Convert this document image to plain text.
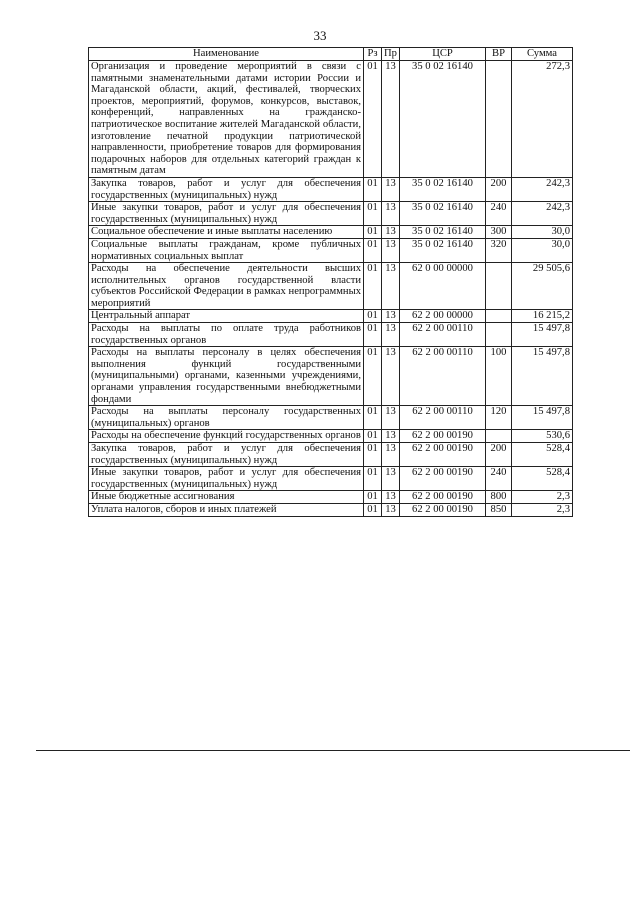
33
Наименование	Рз	Пр	ЦСР	ВР	Сумма
Организация и проведение мероприятий в связи с памятными знаменательными датами истории России и Магаданской области, акций, фестивалей, творческих проектов, мероприятий, форумов, конкурсов, выставок, конференций, направленных на гражданско-патриотическое воспитание жителей Магаданской области, изготовление печатной продукции патриотической направленности, приобретение товаров для формирования подарочных наборов для отдельных категорий граждан к памятным датам	01	13	35 0 02 16140		272,3
Закупка товаров, работ и услуг для обеспечения государственных (муниципальных) нужд	01	13	35 0 02 16140	200	242,3
Иные закупки товаров, работ и услуг для обеспечения государственных (муниципальных) нужд	01	13	35 0 02 16140	240	242,3
Социальное обеспечение и иные выплаты населению	01	13	35 0 02 16140	300	30,0
Социальные выплаты гражданам, кроме публичных нормативных социальных выплат	01	13	35 0 02 16140	320	30,0
Расходы на обеспечение деятельности высших исполнительных органов государственной власти субъектов Российской Федерации в рамках непрограммных мероприятий	01	13	62 0 00 00000		29 505,6
Центральный аппарат	01	13	62 2 00 00000		16 215,2
Расходы на выплаты по оплате труда работников государственных органов	01	13	62 2 00 00110		15 497,8
Расходы на выплаты персоналу в целях обеспечения выполнения функций государственными (муниципальными) органами, казенными учреждениями, органами управления государственными внебюджетными фондами	01	13	62 2 00 00110	100	15 497,8
Расходы на выплаты персоналу государственных (муниципальных) органов	01	13	62 2 00 00110	120	15 497,8
Расходы на обеспечение функций государственных органов	01	13	62 2 00 00190		530,6
Закупка товаров, работ и услуг для обеспечения государственных (муниципальных) нужд	01	13	62 2 00 00190	200	528,4
Иные закупки товаров, работ и услуг для обеспечения государственных (муниципальных) нужд	01	13	62 2 00 00190	240	528,4
Иные бюджетные ассигнования	01	13	62 2 00 00190	800	2,3
Уплата налогов, сборов и иных платежей	01	13	62 2 00 00190	850	2,3
